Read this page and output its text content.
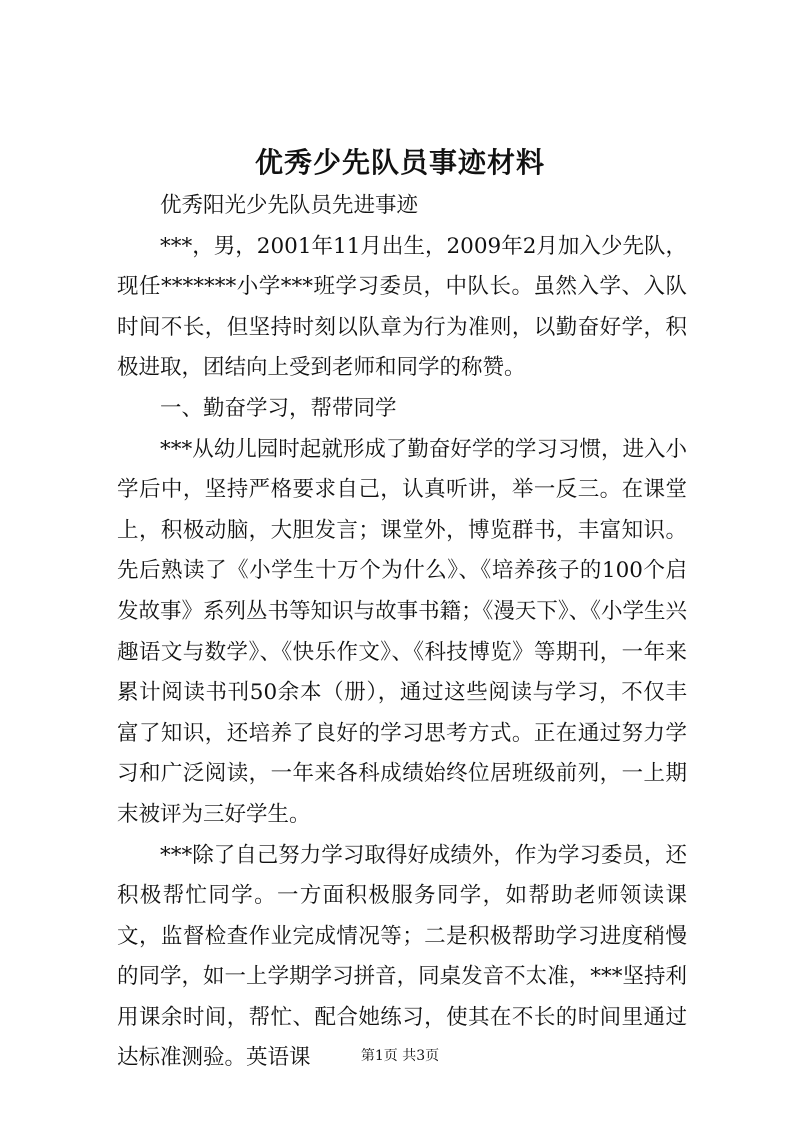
优秀少先队员事迹材料

优秀阳光少先队员先进事迹

***，男，2001年11月出生，2009年2月加入少先队，现任*******小学***班学习委员，中队长。虽然入学、入队时间不长，但坚持时刻以队章为行为准则，以勤奋好学，积极进取，团结向上受到老师和同学的称赞。

一、勤奋学习，帮带同学

***从幼儿园时起就形成了勤奋好学的学习习惯，进入小学后中，坚持严格要求自己，认真听讲，举一反三。在课堂上，积极动脑，大胆发言；课堂外，博览群书，丰富知识。先后熟读了《小学生十万个为什么》、《培养孩子的100个启发故事》系列丛书等知识与故事书籍；《漫天下》、《小学生兴趣语文与数学》、《快乐作文》、《科技博览》等期刊，一年来累计阅读书刊50余本（册），通过这些阅读与学习，不仅丰富了知识，还培养了良好的学习思考方式。正在通过努力学习和广泛阅读，一年来各科成绩始终位居班级前列，一上期末被评为三好学生。

***除了自己努力学习取得好成绩外，作为学习委员，还积极帮忙同学。一方面积极服务同学，如帮助老师领读课文，监督检查作业完成情况等；二是积极帮助学习进度稍慢的同学，如一上学期学习拼音，同桌发音不太准，***坚持利用课余时间，帮忙、配合她练习，使其在不长的时间里通过达标准测验。英语课	第1页 共3页
